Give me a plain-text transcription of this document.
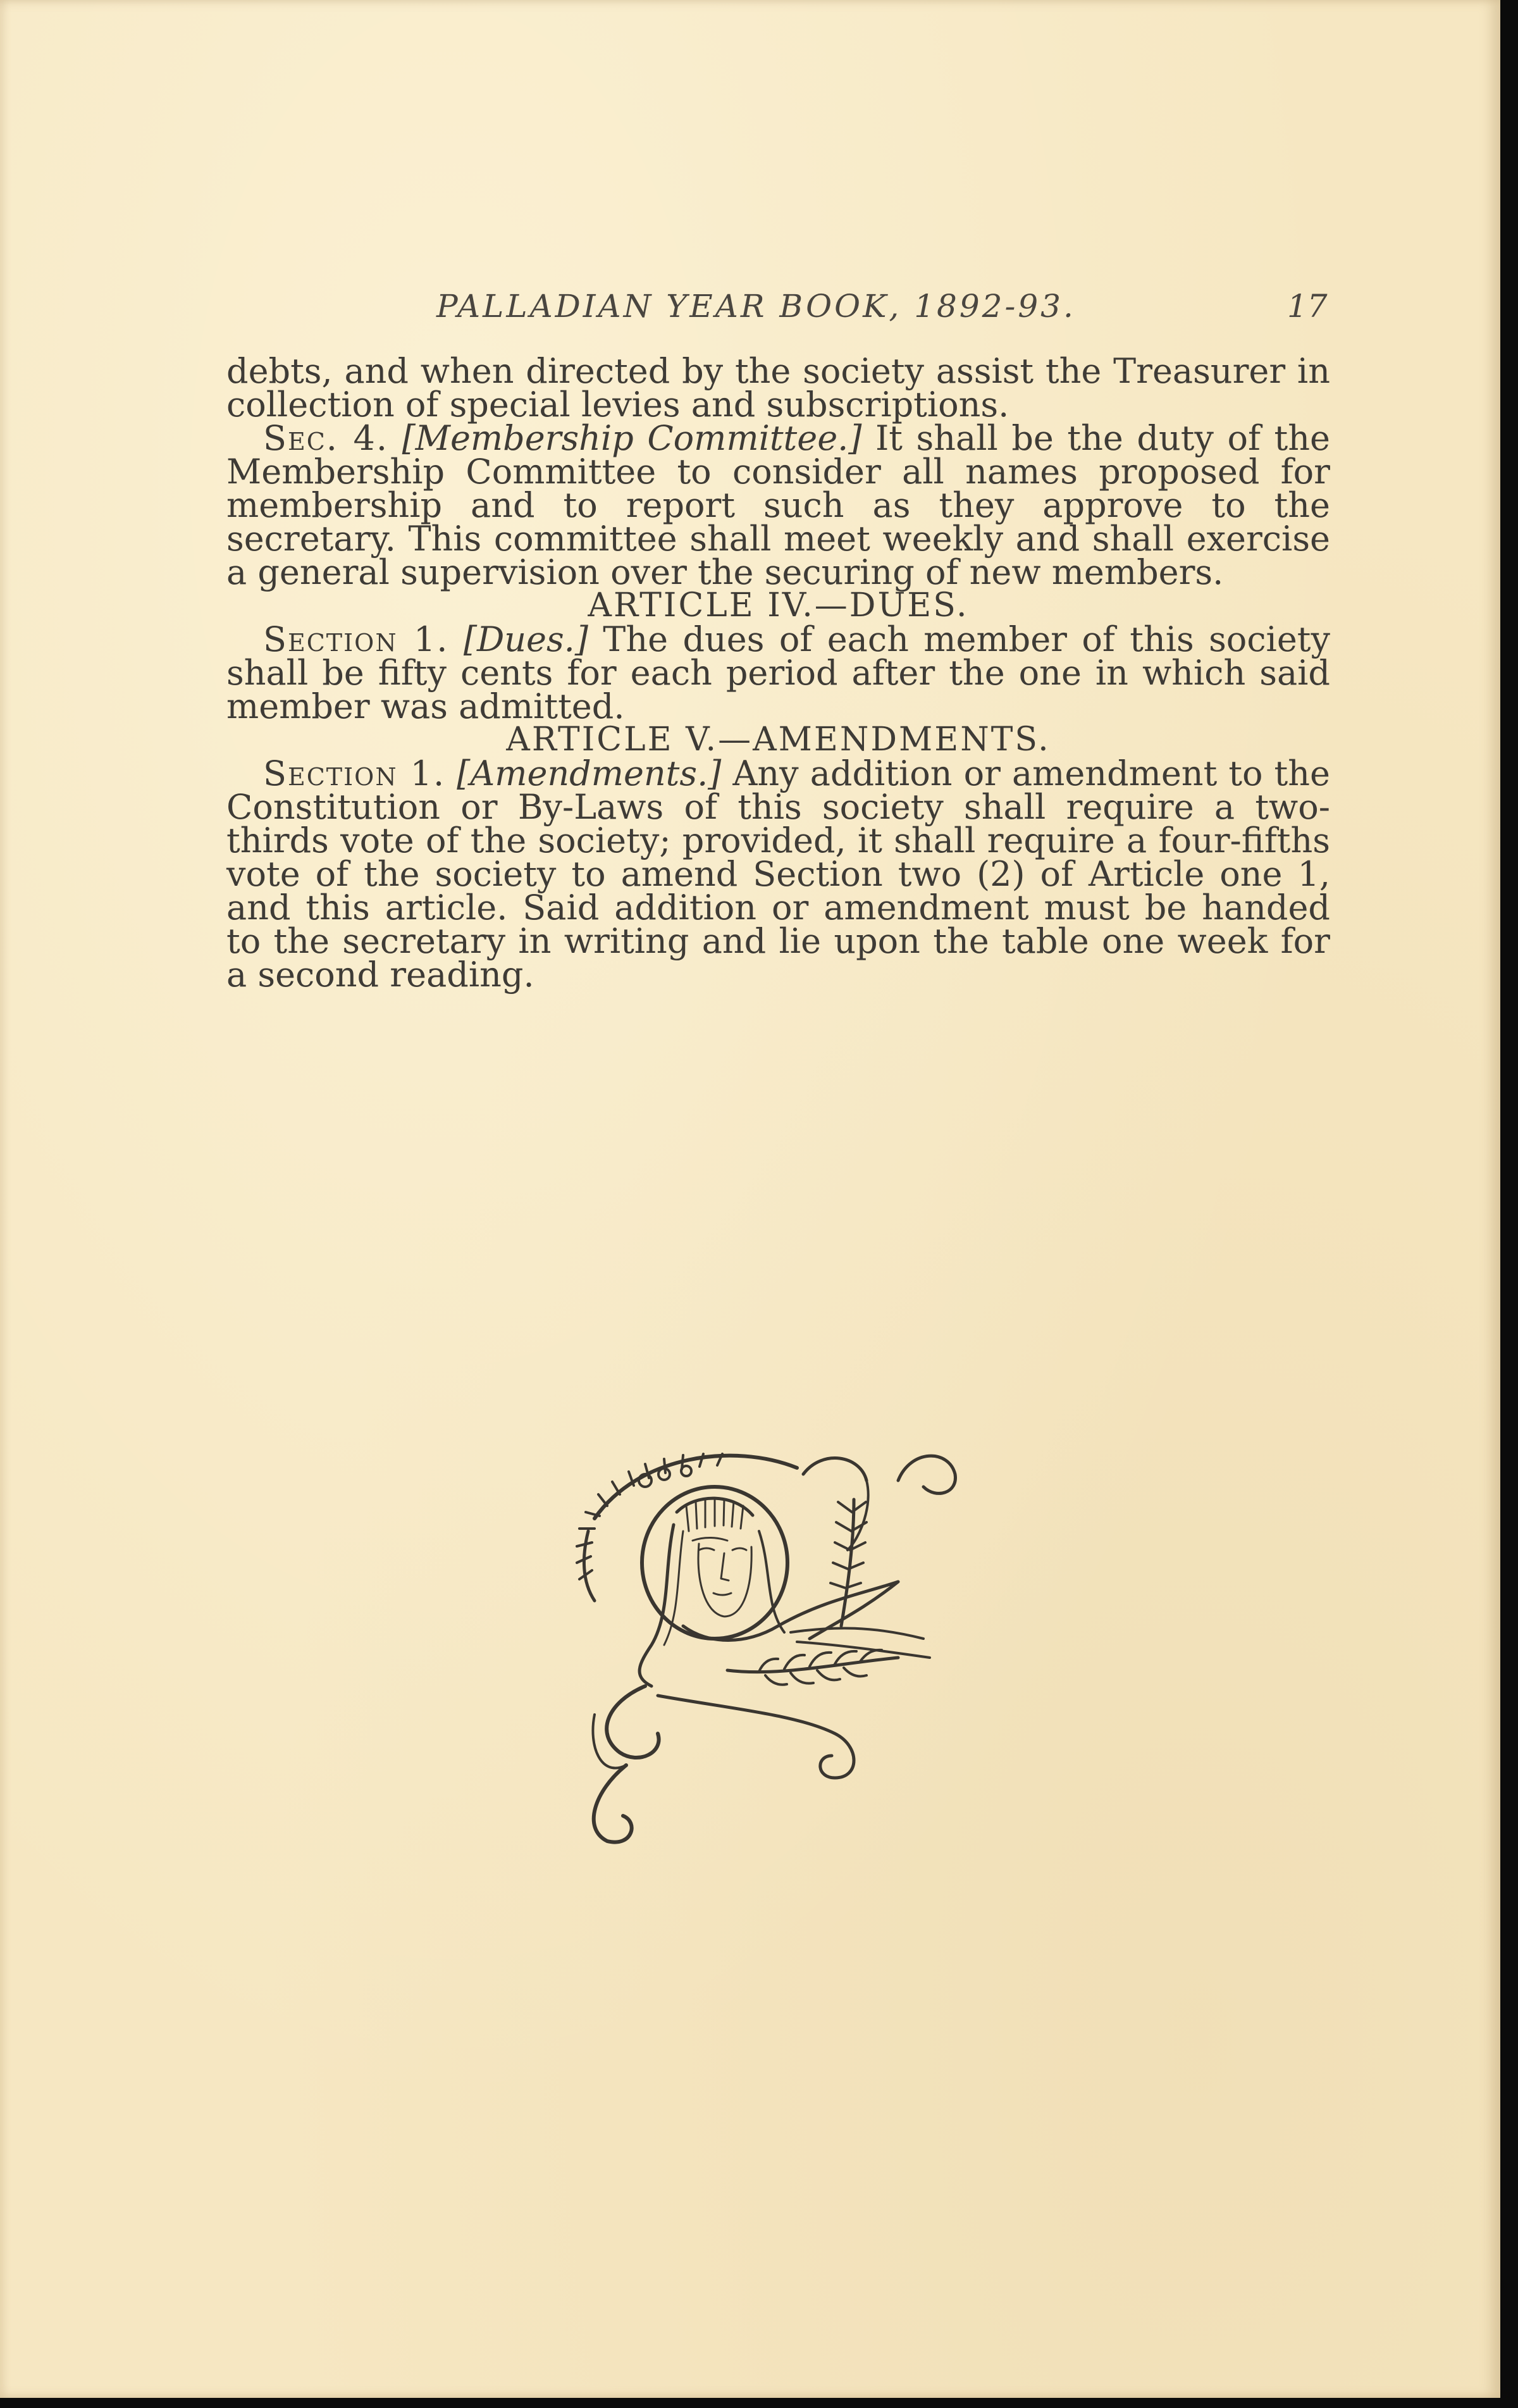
PALLADIAN YEAR BOOK, 1892-93.	17

debts, and when directed by the society assist the Treasurer in collection of special levies and subscriptions.

Sec. 4. [Membership Committee.] It shall be the duty of the Membership Committee to consider all names proposed for membership and to report such as they approve to the secretary. This committee shall meet weekly and shall exercise a general supervision over the securing of new members.

ARTICLE IV.—DUES.

Section 1. [Dues.] The dues of each member of this society shall be fifty cents for each period after the one in which said member was admitted.

ARTICLE V.—AMENDMENTS.

Section 1. [Amendments.] Any addition or amendment to the Constitution or By-Laws of this society shall require a two-thirds vote of the society; provided, it shall require a four-fifths vote of the society to amend Section two (2) of Article one 1, and this article. Said addition or amendment must be handed to the secretary in writing and lie upon the table one week for a second reading.
